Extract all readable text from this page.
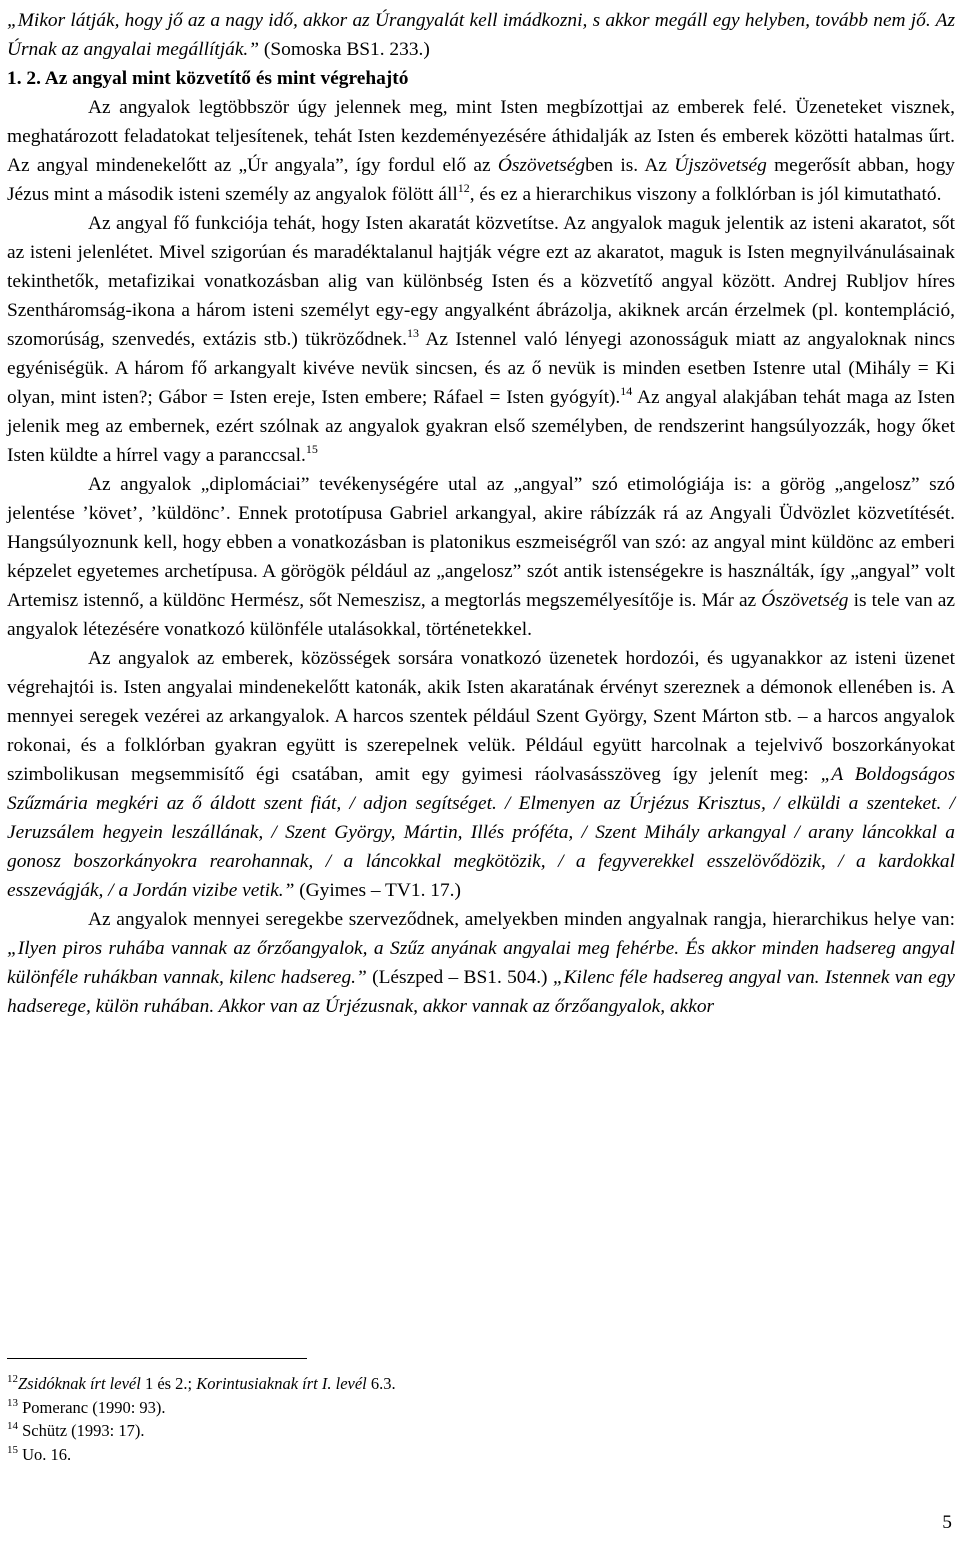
„Mikor látják, hogy jő az a nagy idő, akkor az Úrangyalát kell imádkozni, s akkor megáll egy helyben, tovább nem jő. Az Úrnak az angyalai megállítják.” (Somoska BS1. 233.)

1. 2. Az angyal mint közvetítő és mint végrehajtó

Az angyalok legtöbbször úgy jelennek meg, mint Isten megbízottjai az emberek felé. Üzeneteket visznek, meghatározott feladatokat teljesítenek, tehát Isten kezdeményezésére áthidalják az Isten és emberek közötti hatalmas űrt. Az angyal mindenekelőtt az „Úr angyala”, így fordul elő az Ószövetségben is. Az Újszövetség megerősít abban, hogy Jézus mint a második isteni személy az angyalok fölött áll$^{12}$, és ez a hierarchikus viszony a folklórban is jól kimutatható.

Az angyal fő funkciója tehát, hogy Isten akaratát közvetítse. Az angyalok maguk jelentik az isteni akaratot, sőt az isteni jelenlétet. Mivel szigorúan és maradéktalanul hajtják végre ezt az akaratot, maguk is Isten megnyilvánulásainak tekinthetők, metafizikai vonatkozásban alig van különbség Isten és a közvetítő angyal között. Andrej Rubljov híres Szentháromság-ikona a három isteni személyt egy-egy angyalként ábrázolja, akiknek arcán érzelmek (pl. kontempláció, szomorúság, szenvedés, extázis stb.) tükröződnek.$^{13}$ Az Istennel való lényegi azonosságuk miatt az angyaloknak nincs egyéniségük. A három fő arkangyalt kivéve nevük sincsen, és az ő nevük is minden esetben Istenre utal (Mihály = Ki olyan, mint isten?; Gábor = Isten ereje, Isten embere; Ráfael = Isten gyógyít).$^{14}$ Az angyal alakjában tehát maga az Isten jelenik meg az embernek, ezért szólnak az angyalok gyakran első személyben, de rendszerint hangsúlyozzák, hogy őket Isten küldte a hírrel vagy a paranccsal.$^{15}$

Az angyalok „diplomáciai” tevékenységére utal az „angyal” szó etimológiája is: a görög „angelosz” szó jelentése ’követ’, ’küldönc’. Ennek prototípusa Gabriel arkangyal, akire rábízzák rá az Angyali Üdvözlet közvetítését. Hangsúlyoznunk kell, hogy ebben a vonatkozásban is platonikus eszmeiségről van szó: az angyal mint küldönc az emberi képzelet egyetemes archetípusa. A görögök például az „angelosz” szót antik istenségekre is használták, így „angyal” volt Artemisz istennő, a küldönc Hermész, sőt Nemeszisz, a megtorlás megszemélyesítője is. Már az Ószövetség is tele van az angyalok létezésére vonatkozó különféle utalásokkal, történetekkel.

Az angyalok az emberek, közösségek sorsára vonatkozó üzenetek hordozói, és ugyanakkor az isteni üzenet végrehajtói is. Isten angyalai mindenekelőtt katonák, akik Isten akaratának érvényt szereznek a démonok ellenében is. A mennyei seregek vezérei az arkangyalok. A harcos szentek például Szent György, Szent Márton stb. – a harcos angyalok rokonai, és a folklórban gyakran együtt is szerepelnek velük. Például együtt harcolnak a tejelvivő boszorkányokat szimbolikusan megsemmisítő égi csatában, amit egy gyimesi ráolvasásszöveg így jelenít meg: „A Boldogságos Szűzmária megkéri az ő áldott szent fiát, / adjon segítséget. / Elmenyen az Úrjézus Krisztus, / elküldi a szenteket. / Jeruzsálem hegyein leszállának, / Szent György, Mártin, Illés próféta, / Szent Mihály arkangyal / arany láncokkal a gonosz boszorkányokra rearohannak, / a láncokkal megkötözik, / a fegyverekkel esszelövődözik, / a kardokkal esszevágják, / a Jordán vizibe vetik.” (Gyimes – TV1. 17.)

Az angyalok mennyei seregekbe szerveződnek, amelyekben minden angyalnak rangja, hierarchikus helye van: „Ilyen piros ruhába vannak az őrzőangyalok, a Szűz anyának angyalai meg fehérbe. És akkor minden hadsereg angyal különféle ruhákban vannak, kilenc hadsereg.” (Lészped – BS1. 504.) „Kilenc féle hadsereg angyal van. Istennek van egy hadserege, külön ruhában. Akkor van az Úrjézusnak, akkor vannak az őrzőangyalok, akkor

$^{12}$Zsidóknak írt levél 1 és 2.; Korintusiaknak írt I. levél 6.3.

$^{13}$ Pomeranc (1990: 93).

$^{14}$ Schütz (1993: 17).

$^{15}$ Uo. 16.

5
